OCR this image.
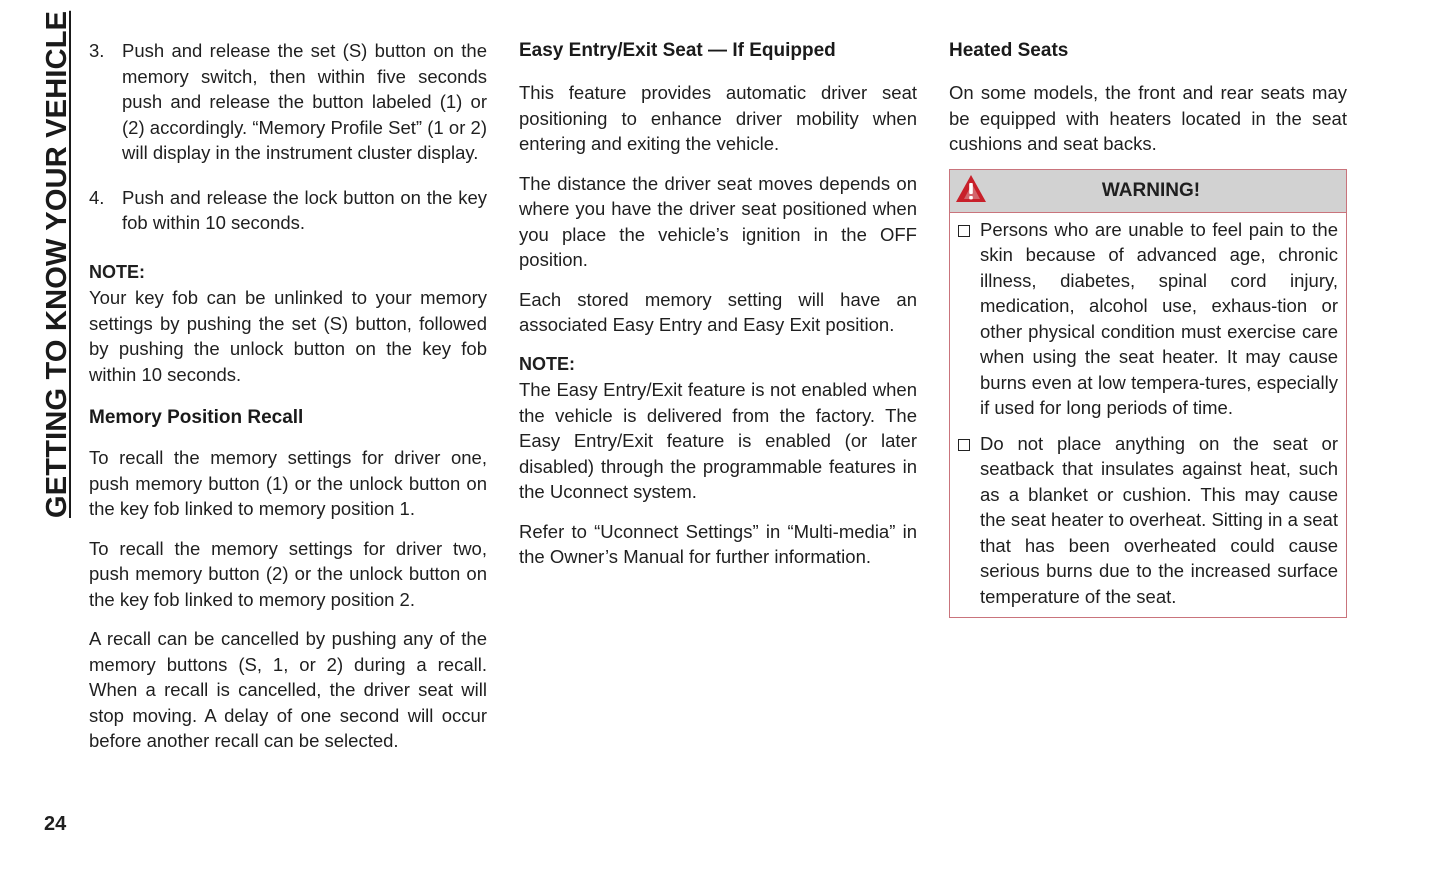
GETTING TO KNOW YOUR VEHICLE 3. Push and release the set (S) button on the memory switch, then within five seconds push and release the button labeled (1) or (2) accordingly. “Memory Profile Set” (1 or 2) will display in the instrument cluster display.
4. Push and release the lock button on the key fob within 10 seconds.
NOTE:

Your key fob can be unlinked to your memory settings by pushing the set (S) button, followed by pushing the unlock button on the key fob within 10 seconds.

Memory Position Recall

To recall the memory settings for driver one, push memory button (1) or the unlock button on the key fob linked to memory position 1.

To recall the memory settings for driver two, push memory button (2) or the unlock button on the key fob linked to memory position 2.

A recall can be cancelled by pushing any of the memory buttons (S, 1, or 2) during a recall. When a recall is cancelled, the driver seat will stop moving. A delay of one second will occur before another recall can be selected.

Easy Entry/Exit Seat — If Equipped

This feature provides automatic driver seat positioning to enhance driver mobility when entering and exiting the vehicle.

The distance the driver seat moves depends on where you have the driver seat positioned when you place the vehicle’s ignition in the OFF position.

Each stored memory setting will have an associated Easy Entry and Easy Exit position.

NOTE:

The Easy Entry/Exit feature is not enabled when the vehicle is delivered from the factory. The Easy Entry/Exit feature is enabled (or later disabled) through the programmable features in the Uconnect system.

Refer to “Uconnect Settings” in “Multi-media” in the Owner’s Manual for further information.

Heated Seats

On some models, the front and rear seats may be equipped with heaters located in the seat cushions and seat backs.

WARNING!
Persons who are unable to feel pain to the skin because of advanced age, chronic illness, diabetes, spinal cord injury, medication, alcohol use, exhaus-tion or other physical condition must exercise care when using the seat heater. It may cause burns even at low tempera-tures, especially if used for long periods of time.
Do not place anything on the seat or seatback that insulates against heat, such as a blanket or cushion. This may cause the seat heater to overheat. Sitting in a seat that has been overheated could cause serious burns due to the increased surface temperature of the seat.
24
